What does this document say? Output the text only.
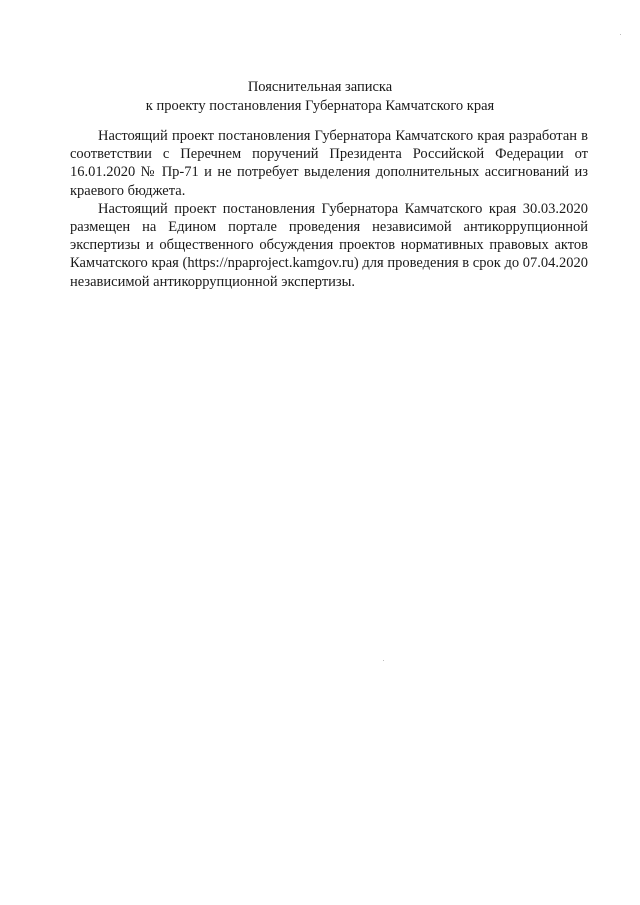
Пояснительная записка
к проекту постановления Губернатора Камчатского края

Настоящий проект постановления Губернатора Камчатского края разработан в соответствии с Перечнем поручений Президента Российской Федерации от 16.01.2020 № Пр-71 и не потребует выделения дополнительных ассигнований из краевого бюджета.

Настоящий проект постановления Губернатора Камчатского края 30.03.2020 размещен на Едином портале проведения независимой антикоррупционной экспертизы и общественного обсуждения проектов нормативных правовых актов Камчатского края (https://npaproject.kamgov.ru) для проведения в срок до 07.04.2020 независимой антикоррупционной экспертизы.
